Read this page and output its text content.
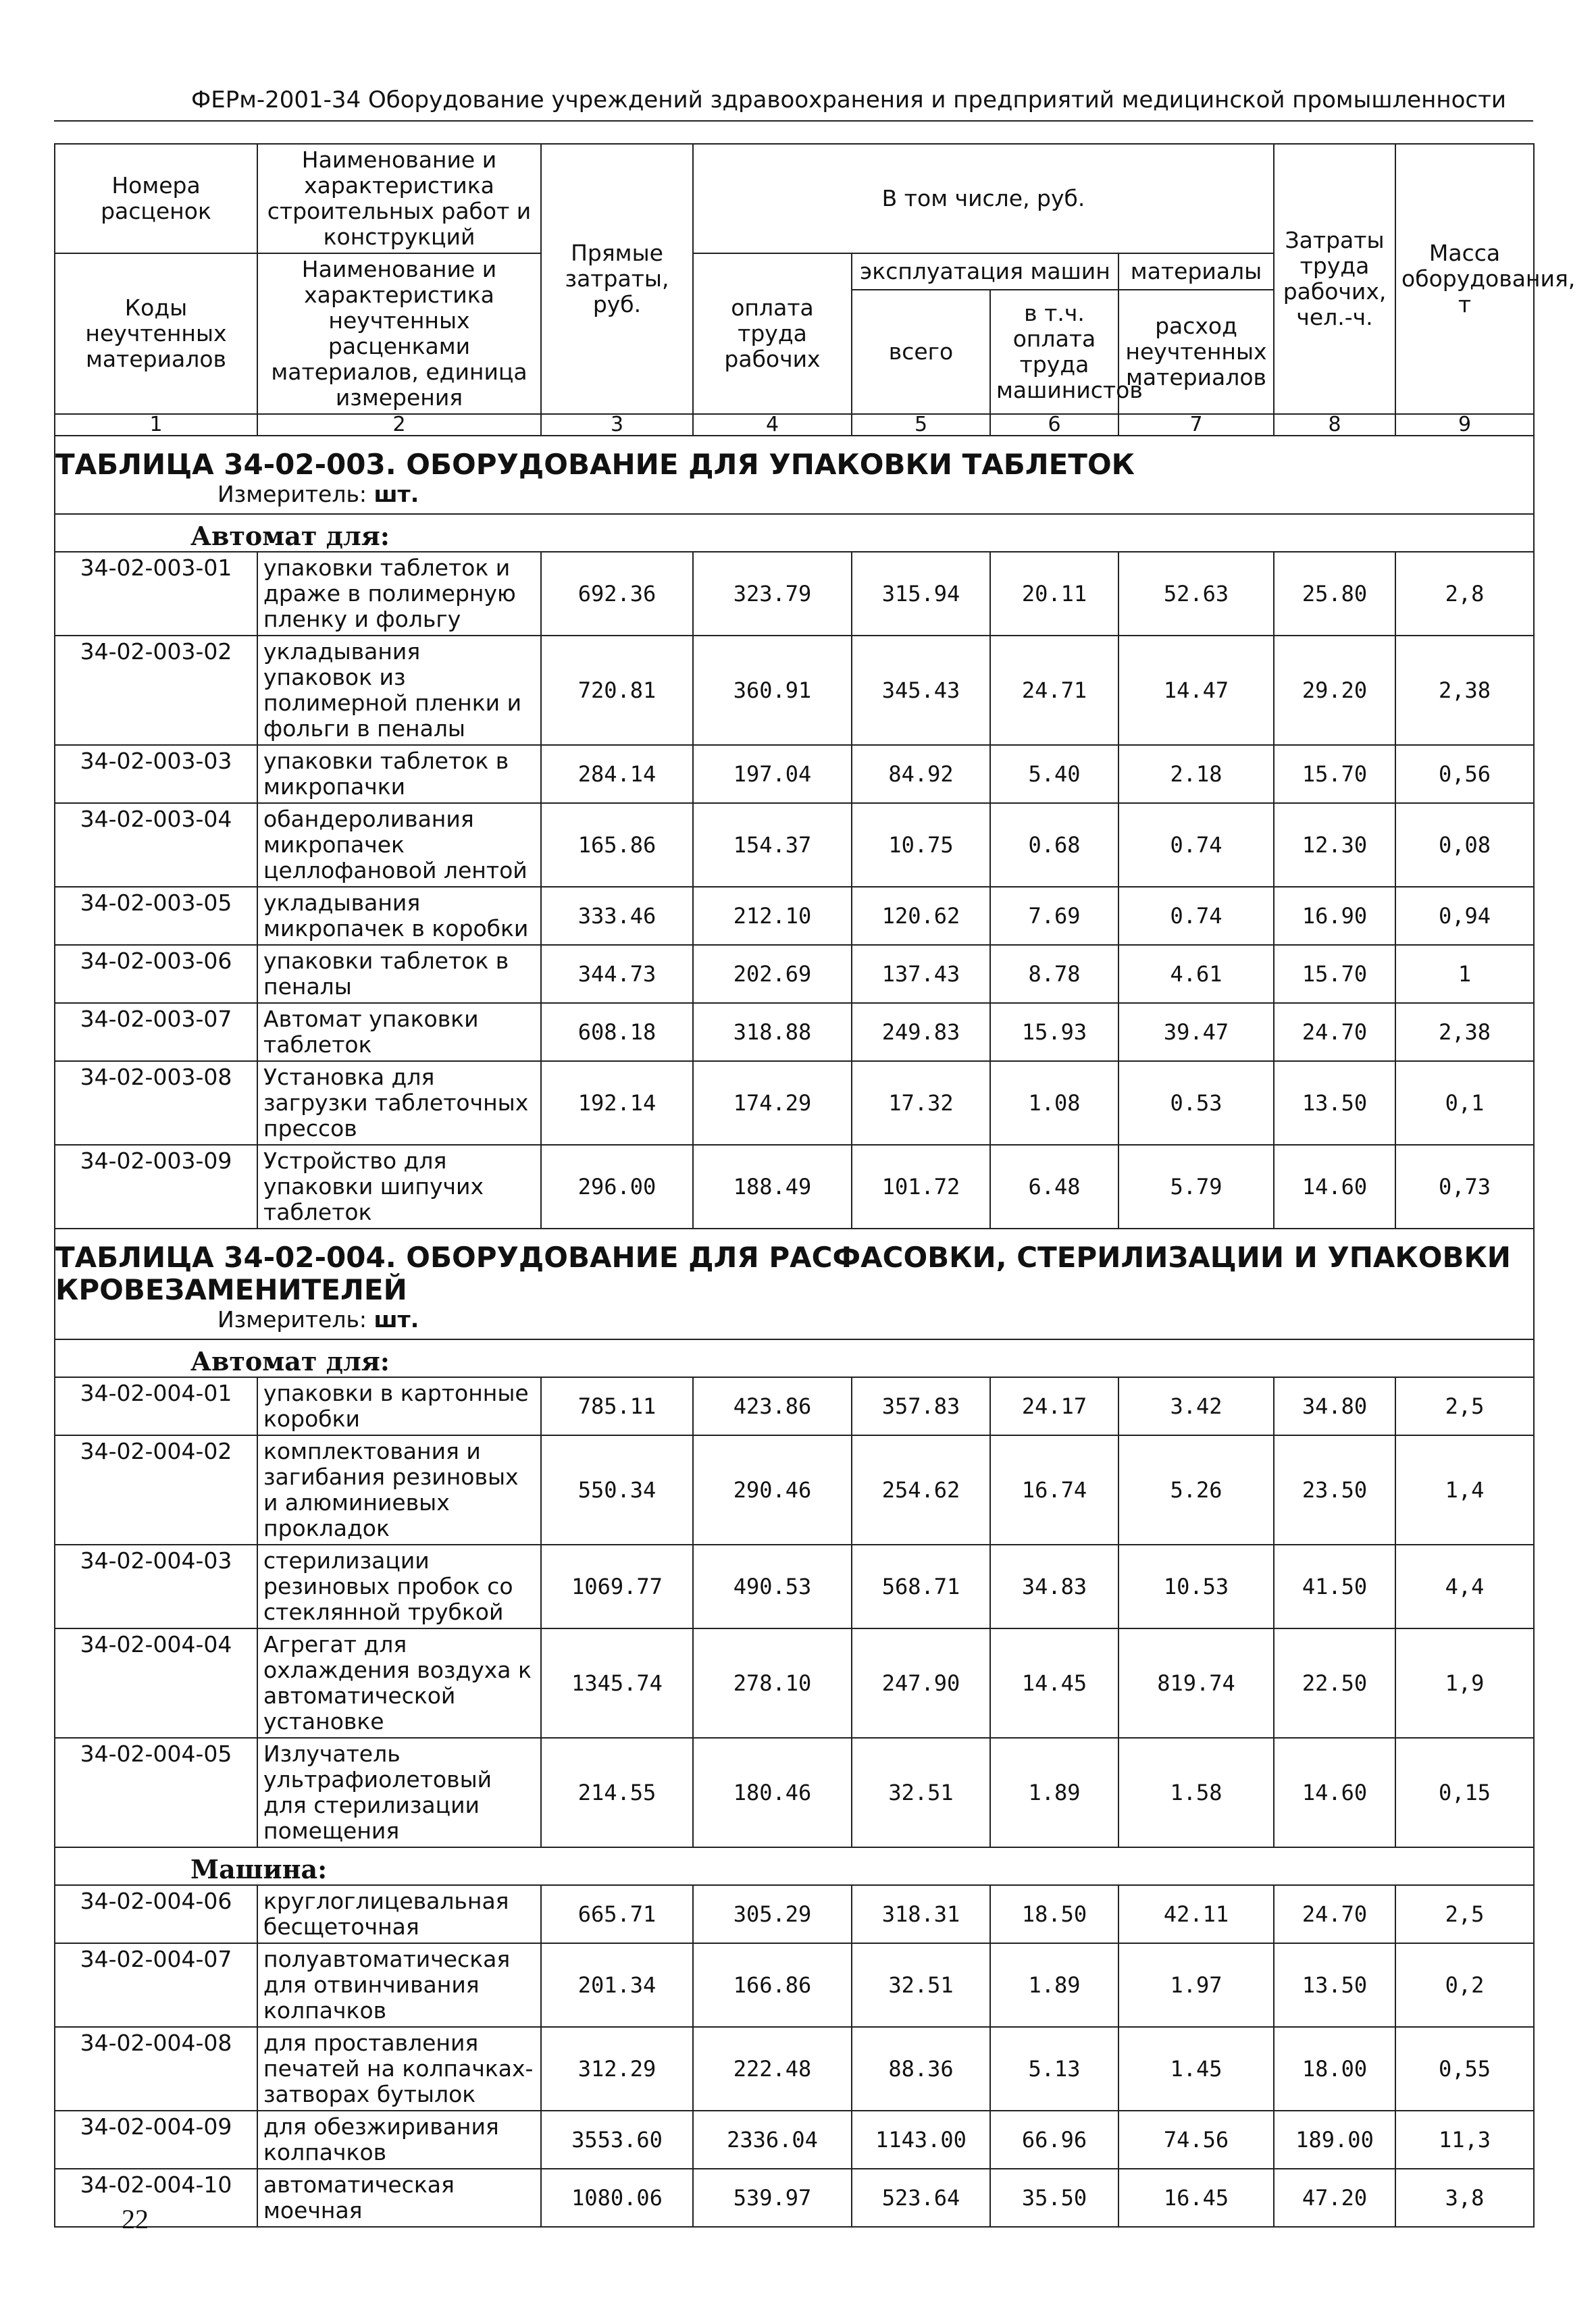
ФЕРм-2001-34 Оборудование учреждений здравоохранения и предприятий медицинской промышленности
Номера расценок	Наименование и характеристика строительных работ и конструкций	Прямые затраты, руб.	В том числе, руб.				Затраты труда рабочих, чел.-ч.	Масса оборудования, т
Коды неучтенных материалов	Наименование и характеристика неучтенных расценками материалов, единица измерения		оплата труда рабочих	эксплуатация машин		материалы		
				всего	в т.ч. оплата труда машинистов	расход неучтенных материалов		
1	2	3	4	5	6	7	8	9

ТАБЛИЦА 34-02-003. ОБОРУДОВАНИЕ ДЛЯ УПАКОВКИ ТАБЛЕТОК
Измеритель: шт.								

Автомат для:								
34-02-003-01	упаковки таблеток и драже в полимерную пленку и фольгу	692.36	323.79	315.94	20.11	52.63	25.80	2,8
34-02-003-02	укладывания упаковок из полимерной пленки и фольги в пеналы	720.81	360.91	345.43	24.71	14.47	29.20	2,38
34-02-003-03	упаковки таблеток в микропачки	284.14	197.04	84.92	5.40	2.18	15.70	0,56
34-02-003-04	обандероливания микропачек целлофановой лентой	165.86	154.37	10.75	0.68	0.74	12.30	0,08
34-02-003-05	укладывания микропачек в коробки	333.46	212.10	120.62	7.69	0.74	16.90	0,94
34-02-003-06	упаковки таблеток в пеналы	344.73	202.69	137.43	8.78	4.61	15.70	1
34-02-003-07	Автомат упаковки таблеток	608.18	318.88	249.83	15.93	39.47	24.70	2,38
34-02-003-08	Установка для загрузки таблеточных прессов	192.14	174.29	17.32	1.08	0.53	13.50	0,1
34-02-003-09	Устройство для упаковки шипучих таблеток	296.00	188.49	101.72	6.48	5.79	14.60	0,73

ТАБЛИЦА 34-02-004. ОБОРУДОВАНИЕ ДЛЯ РАСФАСОВКИ, СТЕРИЛИЗАЦИИ И УПАКОВКИ КРОВЕЗАМЕНИТЕЛЕЙ
Измеритель: шт.								

Автомат для:								
34-02-004-01	упаковки в картонные коробки	785.11	423.86	357.83	24.17	3.42	34.80	2,5
34-02-004-02	комплектования и загибания резиновых и алюминиевых прокладок	550.34	290.46	254.62	16.74	5.26	23.50	1,4
34-02-004-03	стерилизации резиновых пробок со стеклянной трубкой	1069.77	490.53	568.71	34.83	10.53	41.50	4,4
34-02-004-04	Агрегат для охлаждения воздуха к автоматической установке	1345.74	278.10	247.90	14.45	819.74	22.50	1,9
34-02-004-05	Излучатель ультрафиолетовый для стерилизации помещения	214.55	180.46	32.51	1.89	1.58	14.60	0,15
Машина:								
34-02-004-06	круглоглицевальная бесщеточная	665.71	305.29	318.31	18.50	42.11	24.70	2,5
34-02-004-07	полуавтоматическая для отвинчивания колпачков	201.34	166.86	32.51	1.89	1.97	13.50	0,2
34-02-004-08	для проставления печатей на колпачках-затворах бутылок	312.29	222.48	88.36	5.13	1.45	18.00	0,55
34-02-004-09	для обезжиривания колпачков	3553.60	2336.04	1143.00	66.96	74.56	189.00	11,3
34-02-004-10	автоматическая моечная	1080.06	539.97	523.64	35.50	16.45	47.20	3,8
22
